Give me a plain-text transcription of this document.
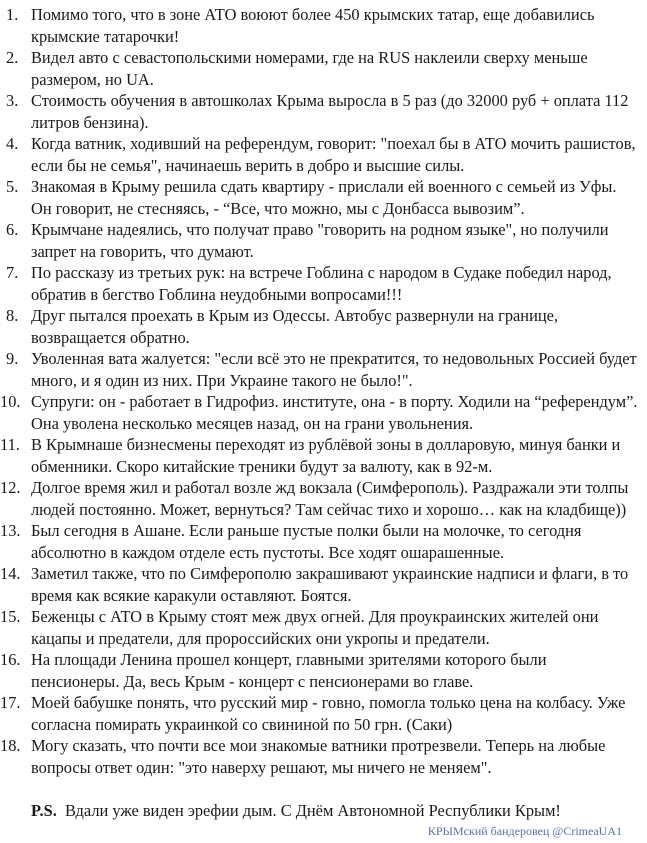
1. Помимо того, что в зоне АТО воюют более 450 крымских татар, еще добавились крымские татарочки!
2. Видел авто с севастопольскими номерами, где на RUS наклеили сверху меньше размером, но UA.
3. Стоимость обучения в автошколах Крыма выросла в 5 раз (до 32000 руб + оплата 112 литров бензина).
4. Когда ватник, ходивший на референдум, говорит: "поехал бы в АТО мочить рашистов, если бы не семья", начинаешь верить в добро и высшие силы.
5. Знакомая в Крыму решила сдать квартиру - прислали ей военного с семьей из Уфы. Он говорит, не стесняясь, - “Все, что можно, мы с Донбасса вывозим”.
6. Крымчане надеялись, что получат право "говорить на родном языке", но получили запрет на говорить, что думают.
7. По рассказу из третьих рук: на встрече Гоблина с народом в Судаке победил народ, обратив в бегство Гоблина неудобными вопросами!!!
8. Друг пытался проехать в Крым из Одессы. Автобус развернули на границе, возвращается обратно.
9. Уволенная вата жалуется: "если всё это не прекратится, то недовольных Россией будет много, и я один из них. При Украине такого не было!".
10. Супруги: он - работает в Гидрофиз. институте, она - в порту. Ходили на “референдум”. Она уволена несколько месяцев назад, он на грани увольнения.
11. В Крымнаше бизнесмены переходят из рублёвой зоны в долларовую, минуя банки и обменники. Скоро китайские треники будут за валюту, как в 92-м.
12. Долгое время жил и работал возле жд вокзала (Симферополь). Раздражали эти толпы людей постоянно. Может, вернуться? Там сейчас тихо и хорошо… как на кладбище))
13. Был сегодня в Ашане. Если раньше пустые полки были на молочке, то сегодня абсолютно в каждом отделе есть пустоты. Все ходят ошарашенные.
14. Заметил также, что по Симферополю закрашивают украинские надписи и флаги, в то время как всякие каракули оставляют. Боятся.
15. Беженцы с АТО в Крыму стоят меж двух огней. Для проукраинских жителей они кацапы и предатели, для пророссийских они укропы и предатели.
16. На площади Ленина прошел концерт, главными зрителями которого были пенсионеры. Да, весь Крым - концерт с пенсионерами во главе.
17. Моей бабушке понять, что русский мир - говно, помогла только цена на колбасу. Уже согласна помирать украинкой со свининой по 50 грн. (Саки)
18. Могу сказать, что почти все мои знакомые ватники протрезвели. Теперь на любые вопросы ответ один: "это наверху решают, мы ничего не меняем".
P.S. Вдали уже виден эрефии дым. С Днём Автономной Республики Крым!
КРЫМский бандеровец @CrimeaUA1
